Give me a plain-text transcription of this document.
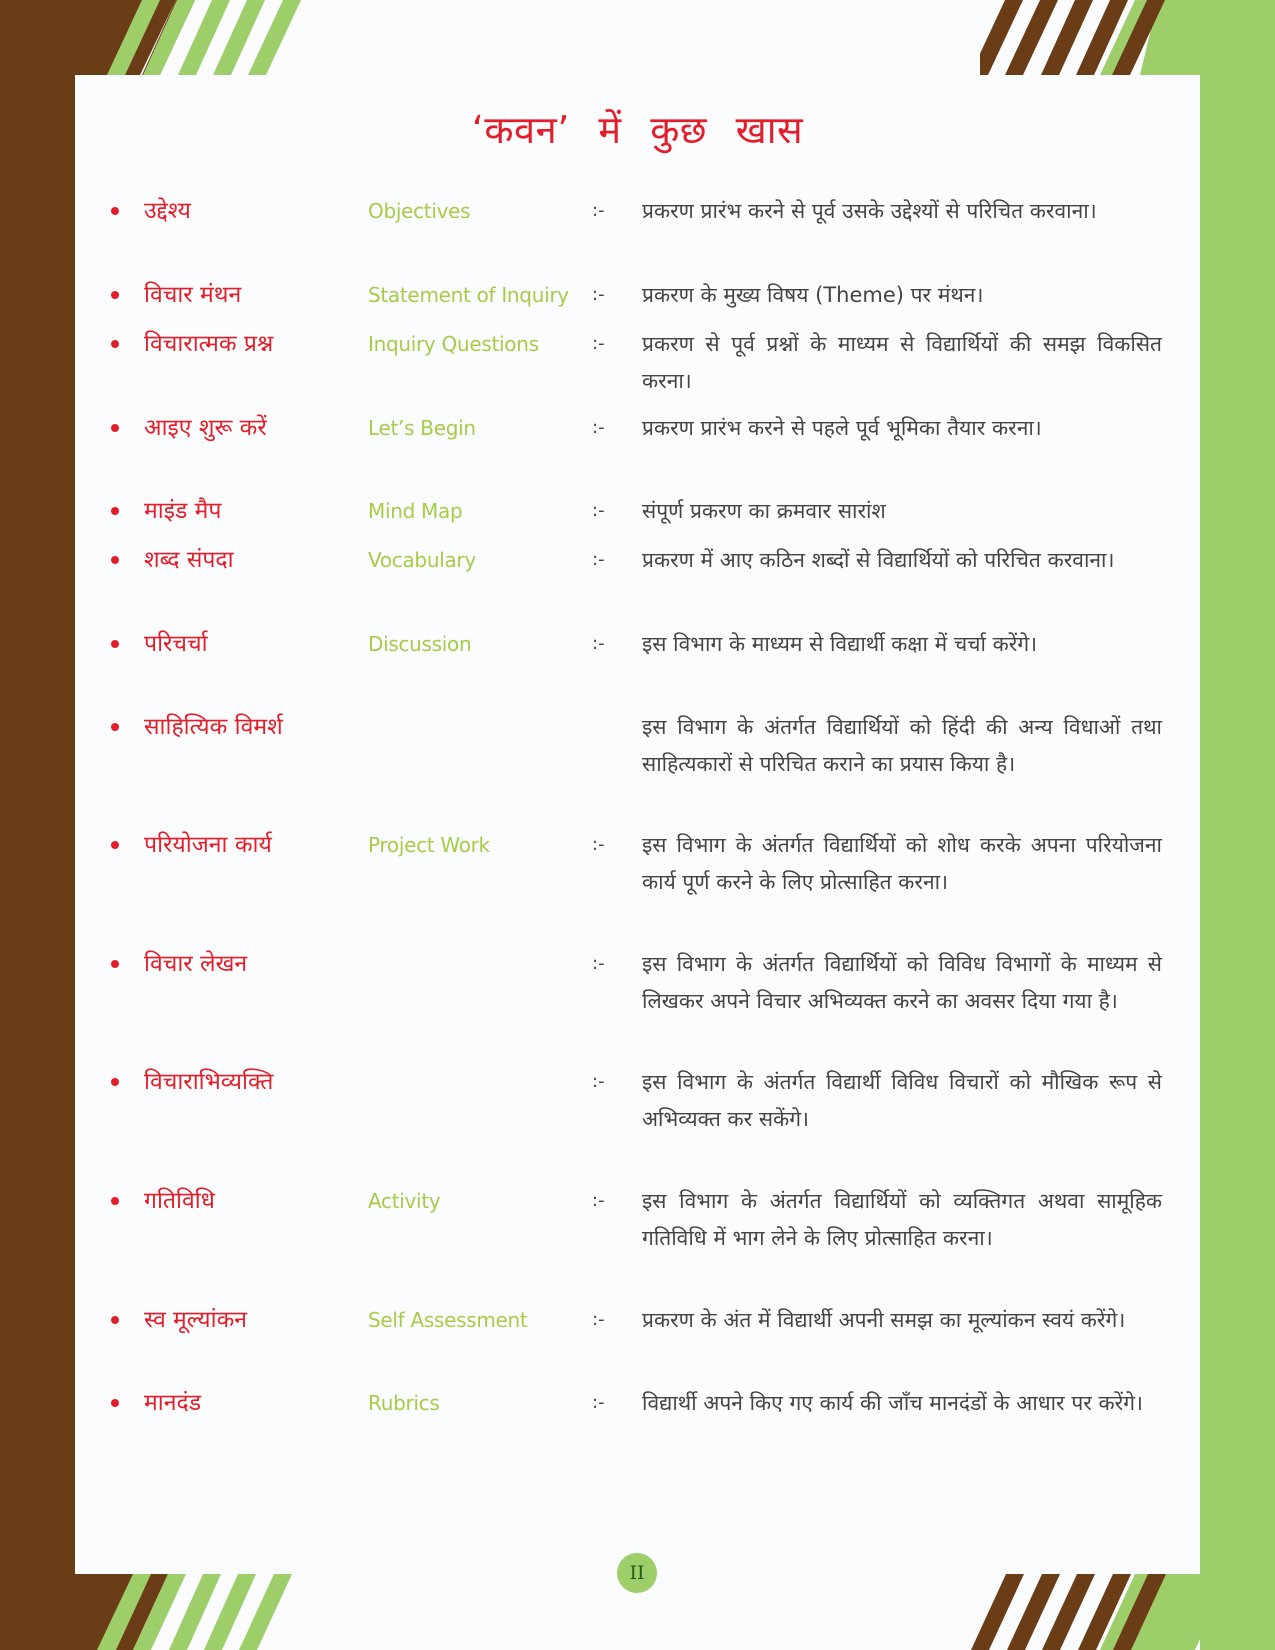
‘कवन’ में कुछ खास
उद्देश्य	Objectives	:- प्रकरण प्रारंभ करने से पूर्व उसके उद्देश्यों से परिचित करवाना।
विचार मंथन	Statement of Inquiry :- प्रकरण के मुख्य विषय (Theme) पर मंथन।
विचारात्मक प्रश्न	Inquiry Questions	:- प्रकरण से पूर्व प्रश्नों के माध्यम से विद्यार्थियों की समझ विकसित करना।
आइए शुरू करें	Let’s Begin	:- प्रकरण प्रारंभ करने से पहले पूर्व भूमिका तैयार करना।
माइंड मैप	Mind Map	:- संपूर्ण प्रकरण का क्रमवार सारांश
शब्द संपदा	Vocabulary	:- प्रकरण में आए कठिन शब्दों से विद्यार्थियों को परिचित करवाना।
परिचर्चा	Discussion	:- इस विभाग के माध्यम से विद्यार्थी कक्षा में चर्चा करेंगे।
साहित्यिक विमर्श	इस विभाग के अंतर्गत विद्यार्थियों को हिंदी की अन्य विधाओं तथा साहित्यकारों से परिचित कराने का प्रयास किया है।
परियोजना कार्य	Project Work	:- इस विभाग के अंतर्गत विद्यार्थियों को शोध करके अपना परियोजना कार्य पूर्ण करने के लिए प्रोत्साहित करना।
विचार लेखन	:- इस विभाग के अंतर्गत विद्यार्थियों को विविध विभागों के माध्यम से लिखकर अपने विचार अभिव्यक्त करने का अवसर दिया गया है।
विचाराभिव्यक्ति	:- इस विभाग के अंतर्गत विद्यार्थी विविध विचारों को मौखिक रूप से अभिव्यक्त कर सकेंगे।
गतिविधि	Activity	:- इस विभाग के अंतर्गत विद्यार्थियों को व्यक्तिगत अथवा सामूहिक गतिविधि में भाग लेने के लिए प्रोत्साहित करना।
स्व मूल्यांकन	Self Assessment	:- प्रकरण के अंत में विद्यार्थी अपनी समझ का मूल्यांकन स्वयं करेंगे।
मानदंड	Rubrics	:- विद्यार्थी अपने किए गए कार्य की जाँच मानदंडों के आधार पर करेंगे।
II
